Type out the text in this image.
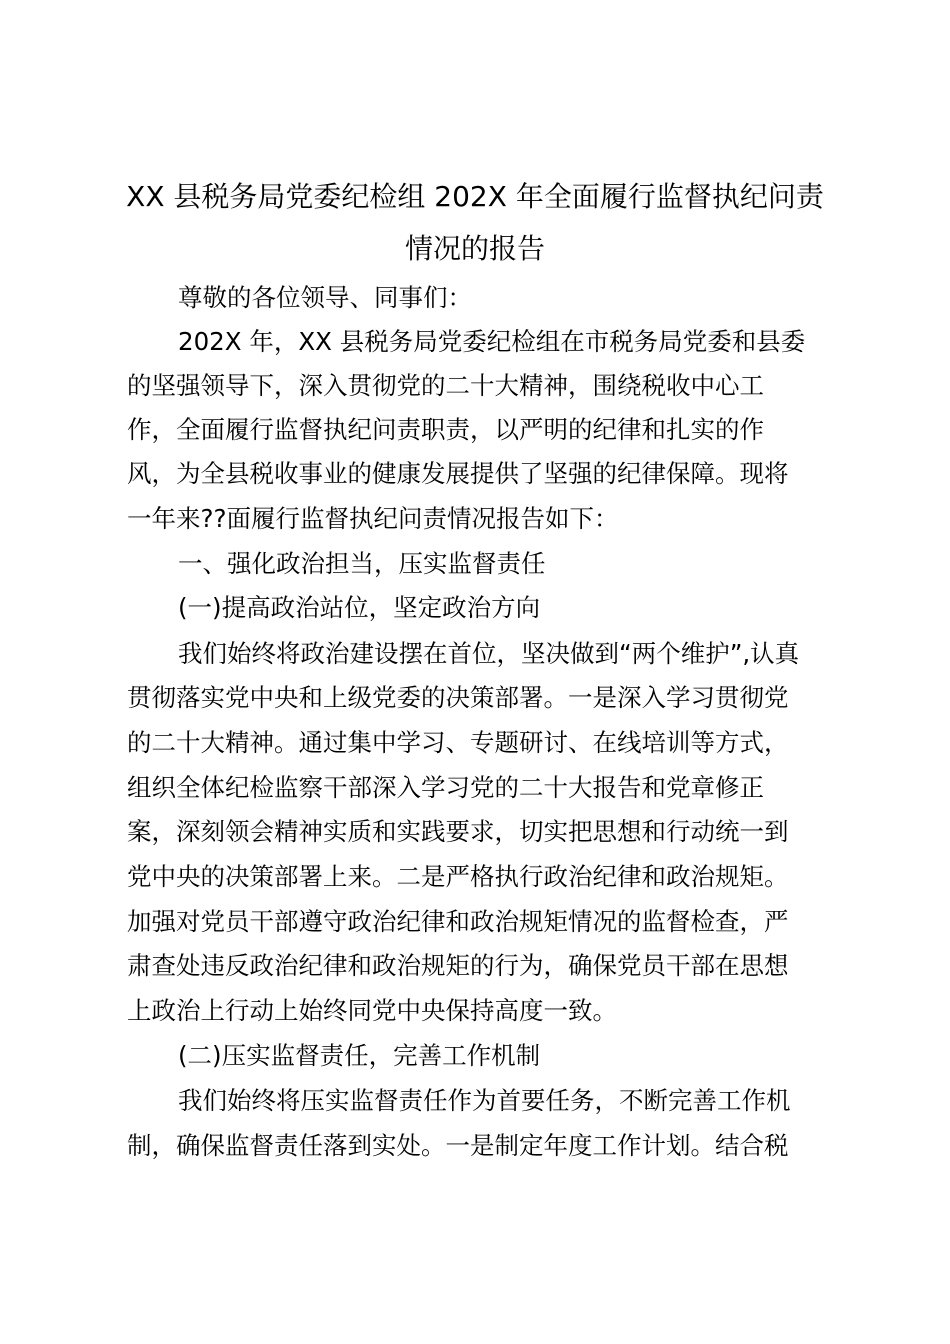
XX 县税务局党委纪检组 202X 年全面履行监督执纪问责
情况的报告
尊敬的各位领导、同事们：
202X 年，XX 县税务局党委纪检组在市税务局党委和县委
的坚强领导下，深入贯彻党的二十大精神，围绕税收中心工
作，全面履行监督执纪问责职责，以严明的纪律和扎实的作
风，为全县税收事业的健康发展提供了坚强的纪律保障。现将
一年来??面履行监督执纪问责情况报告如下：
一、强化政治担当，压实监督责任
(一)提高政治站位，坚定政治方向
我们始终将政治建设摆在首位，坚决做到“两个维护”,认真
贯彻落实党中央和上级党委的决策部署。一是深入学习贯彻党
的二十大精神。通过集中学习、专题研讨、在线培训等方式，
组织全体纪检监察干部深入学习党的二十大报告和党章修正
案，深刻领会精神实质和实践要求，切实把思想和行动统一到
党中央的决策部署上来。二是严格执行政治纪律和政治规矩。
加强对党员干部遵守政治纪律和政治规矩情况的监督检查，严
肃查处违反政治纪律和政治规矩的行为，确保党员干部在思想
上政治上行动上始终同党中央保持高度一致。
(二)压实监督责任，完善工作机制
我们始终将压实监督责任作为首要任务，不断完善工作机
制，确保监督责任落到实处。一是制定年度工作计划。结合税
